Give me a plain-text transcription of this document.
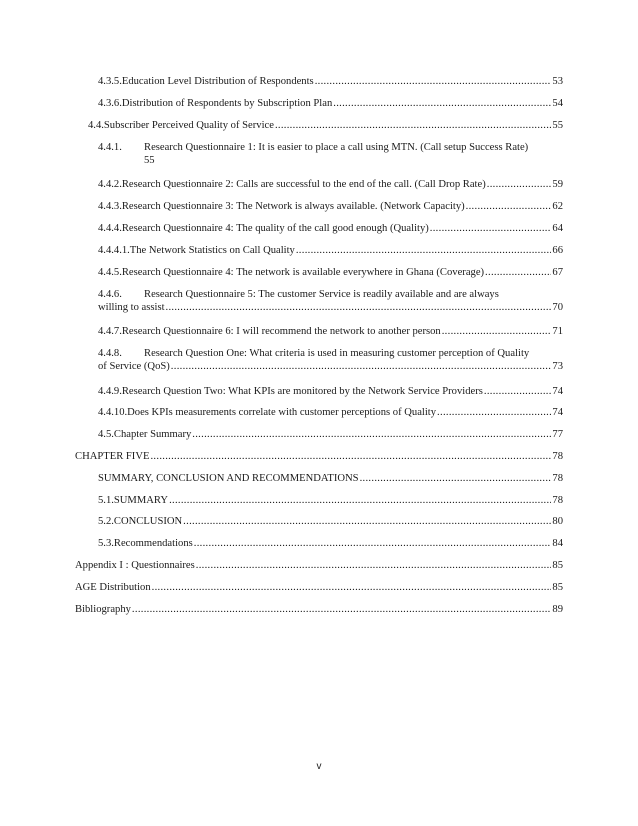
4.3.5. Education Level Distribution of Respondents .....	53
4.3.6. Distribution of Respondents by Subscription Plan .....	54
4.4. Subscriber Perceived Quality of Service .....	55
4.4.1.	Research Questionnaire 1: It is easier to place a call using MTN. (Call setup Success Rate)
55
4.4.2. Research Questionnaire 2: Calls are successful to the end of the call. (Call Drop Rate) .....	59
4.4.3. Research Questionnaire 3: The Network is always available. (Network Capacity) .....	62
4.4.4. Research Questionnaire 4: The quality of the call good enough (Quality) .....	64
4.4.4.1. The Network Statistics on Call Quality .....	66
4.4.5. Research Questionnaire 4: The network is available everywhere in Ghana (Coverage) .....	67
4.4.6.	Research Questionnaire 5: The customer Service is readily available and are always
willing to assist .....	70
4.4.7. Research Questionnaire 6: I will recommend the network to another person .....	71
4.4.8.	Research Question One: What criteria is used in measuring customer perception of Quality
of Service (QoS) .....	73
4.4.9. Research Question Two: What KPIs are monitored by the Network Service Providers .....	74
4.4.10. Does KPIs measurements correlate with customer perceptions of Quality .....	74
4.5. Chapter Summary .....	77
CHAPTER FIVE .....	78
SUMMARY, CONCLUSION AND RECOMMENDATIONS .....	78
5.1. SUMMARY .....	78
5.2. CONCLUSION .....	80
5.3. Recommendations .....	84
Appendix I : Questionnaires .....	85
AGE Distribution .....	85
Bibliography .....	89
v
